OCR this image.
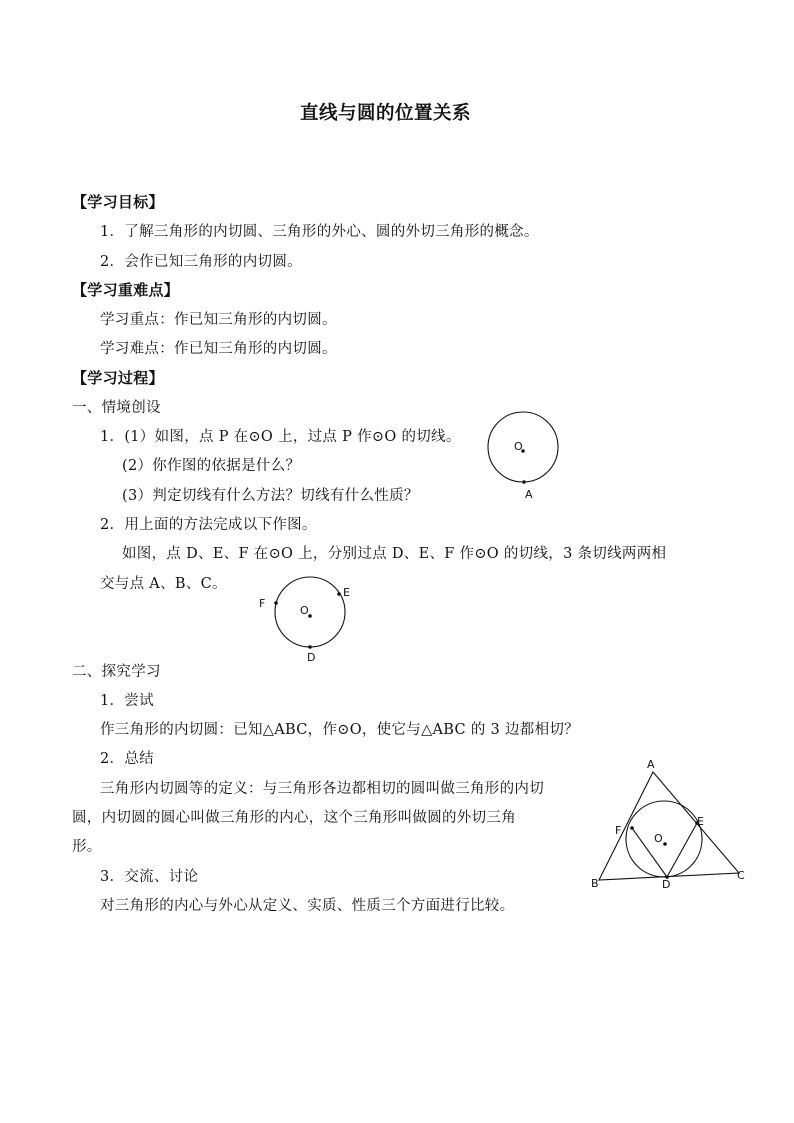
直线与圆的位置关系
【学习目标】
1．了解三角形的内切圆、三角形的外心、圆的外切三角形的概念。
2．会作已知三角形的内切圆。
【学习重难点】
学习重点：作已知三角形的内切圆。
学习难点：作已知三角形的内切圆。
【学习过程】
一、情境创设
1．(1）如图，点 P 在⊙O 上，过点 P 作⊙O 的切线。
(2）你作图的依据是什么？
(3）判定切线有什么方法？切线有什么性质？
2．用上面的方法完成以下作图。
如图，点 D、E、F 在⊙O 上，分别过点 D、E、F 作⊙O 的切线，3 条切线两两相
交与点 A、B、C。
二、探究学习
1．尝试
作三角形的内切圆：已知△ABC，作⊙O，使它与△ABC 的 3 边都相切？
2．总结
三角形内切圆等的定义：与三角形各边都相切的圆叫做三角形的内切
圆，内切圆的圆心叫做三角形的内心，这个三角形叫做圆的外切三角
形。
3．交流、讨论
对三角形的内心与外心从定义、实质、性质三个方面进行比较。
O
A
O
F
E
D
A
B
C
D
E
F
O
